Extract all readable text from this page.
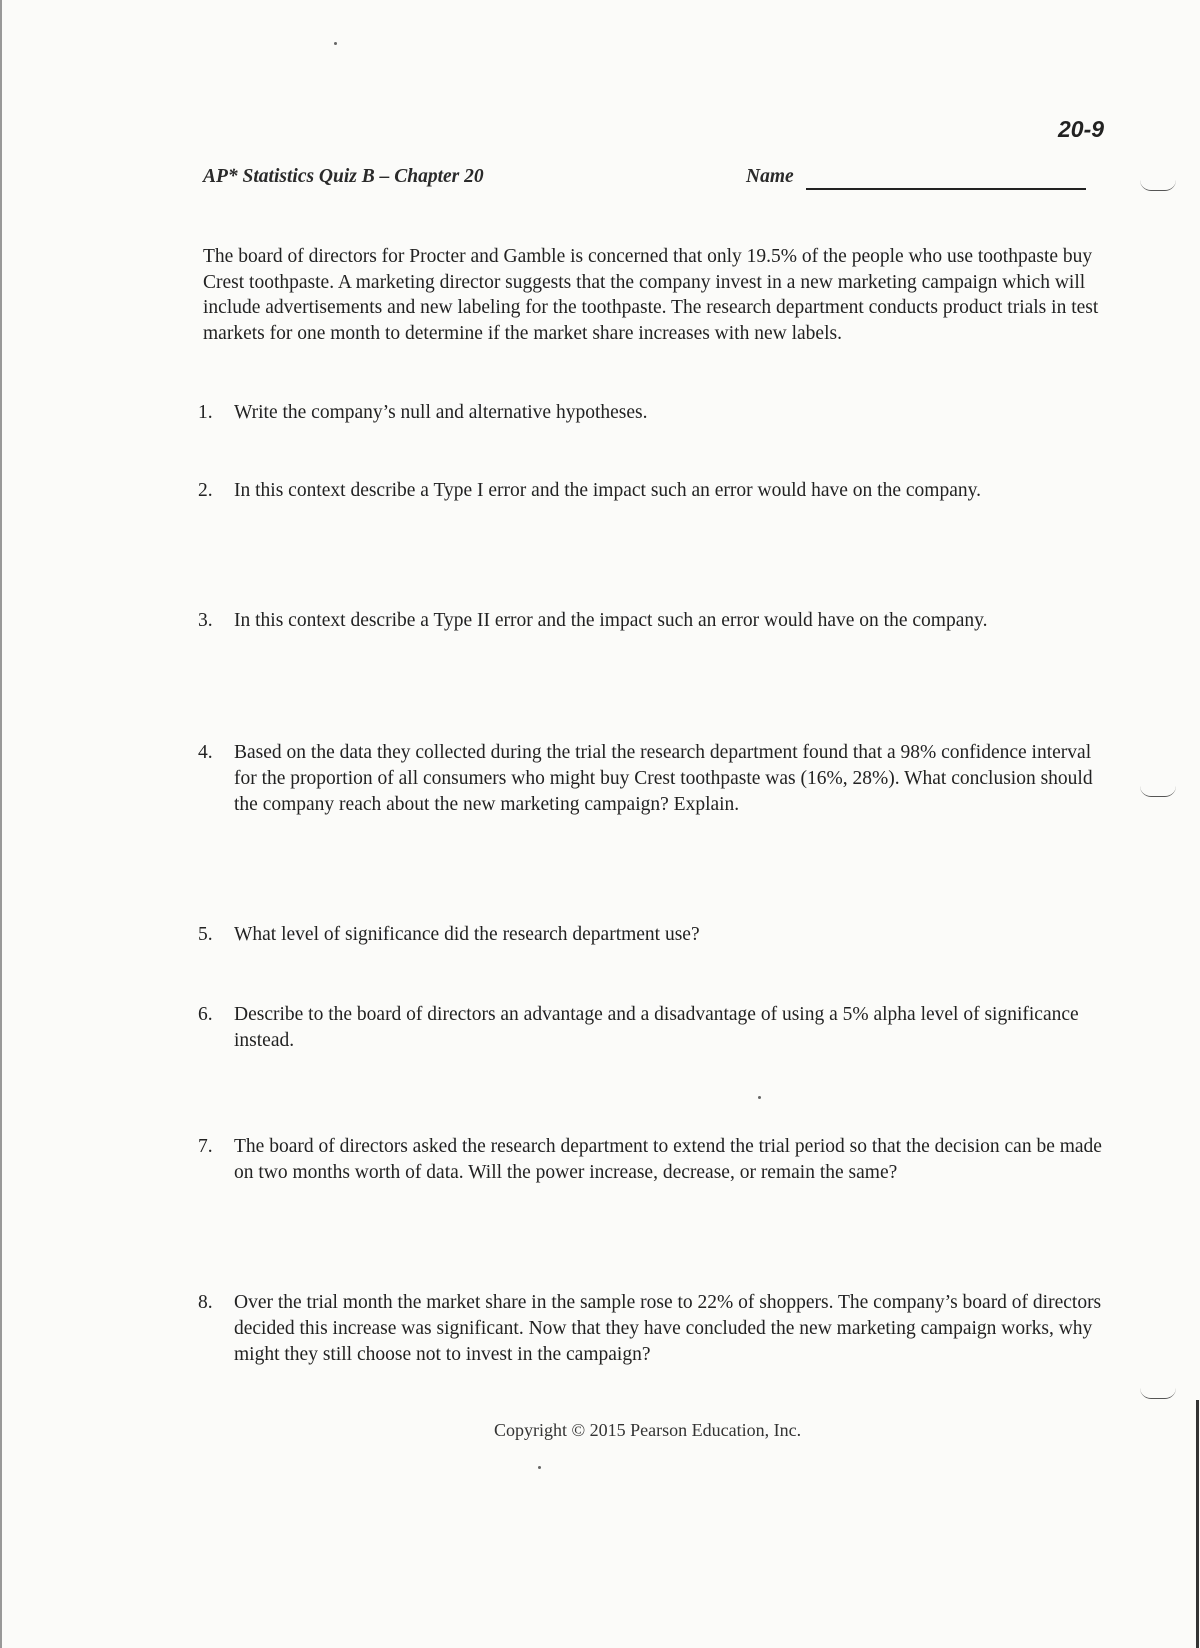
20-9
AP* Statistics Quiz B – Chapter 20	Name
The board of directors for Procter and Gamble is concerned that only 19.5% of the people who use toothpaste buy Crest toothpaste. A marketing director suggests that the company invest in a new marketing campaign which will include advertisements and new labeling for the toothpaste. The research department conducts product trials in test markets for one month to determine if the market share increases with new labels.
1.	Write the company’s null and alternative hypotheses.
2.	In this context describe a Type I error and the impact such an error would have on the company.
3.	In this context describe a Type II error and the impact such an error would have on the company.
4.	Based on the data they collected during the trial the research department found that a 98% confidence interval for the proportion of all consumers who might buy Crest toothpaste was (16%, 28%). What conclusion should the company reach about the new marketing campaign? Explain.
5.	What level of significance did the research department use?
6.	Describe to the board of directors an advantage and a disadvantage of using a 5% alpha level of significance instead.
7.	The board of directors asked the research department to extend the trial period so that the decision can be made on two months worth of data. Will the power increase, decrease, or remain the same?
8.	Over the trial month the market share in the sample rose to 22% of shoppers. The company’s board of directors decided this increase was significant. Now that they have concluded the new marketing campaign works, why might they still choose not to invest in the campaign?
Copyright © 2015 Pearson Education, Inc.
